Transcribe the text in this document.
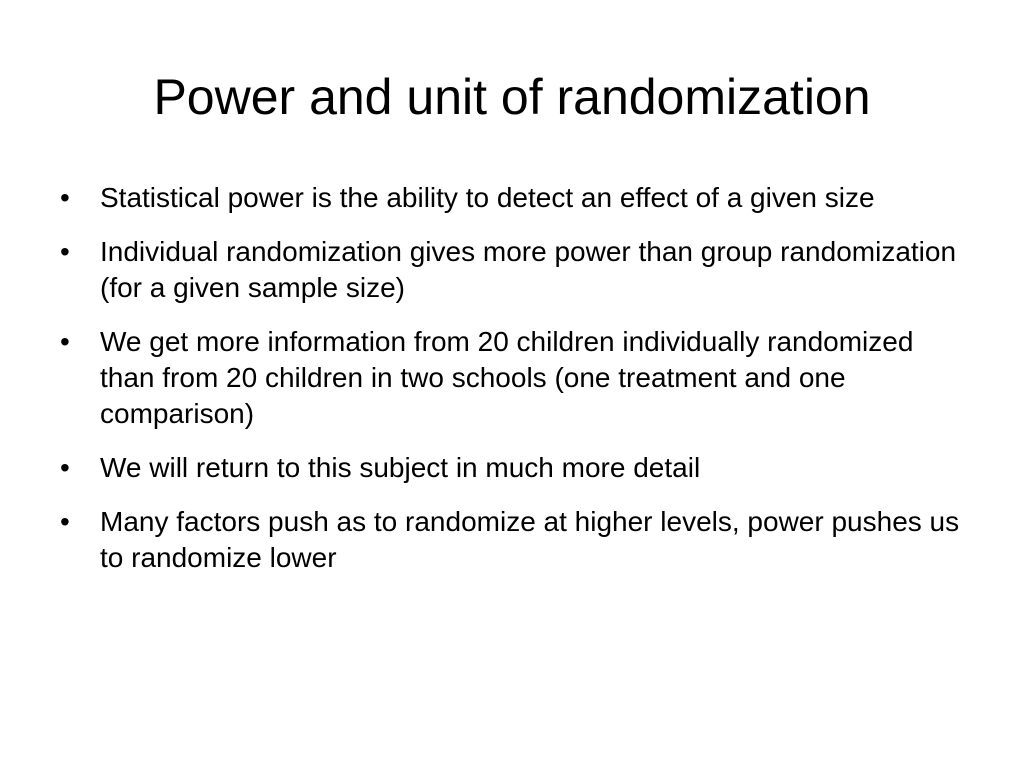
Power and unit of randomization
•	Statistical power is the ability to detect an effect of a given size
•	Individual randomization gives more power than group randomization (for a given sample size)
•	We get more information from 20 children individually randomized than from 20 children in two schools (one treatment and one comparison)
•	We will return to this subject in much more detail
•	Many factors push as to randomize at higher levels, power pushes us to randomize lower
